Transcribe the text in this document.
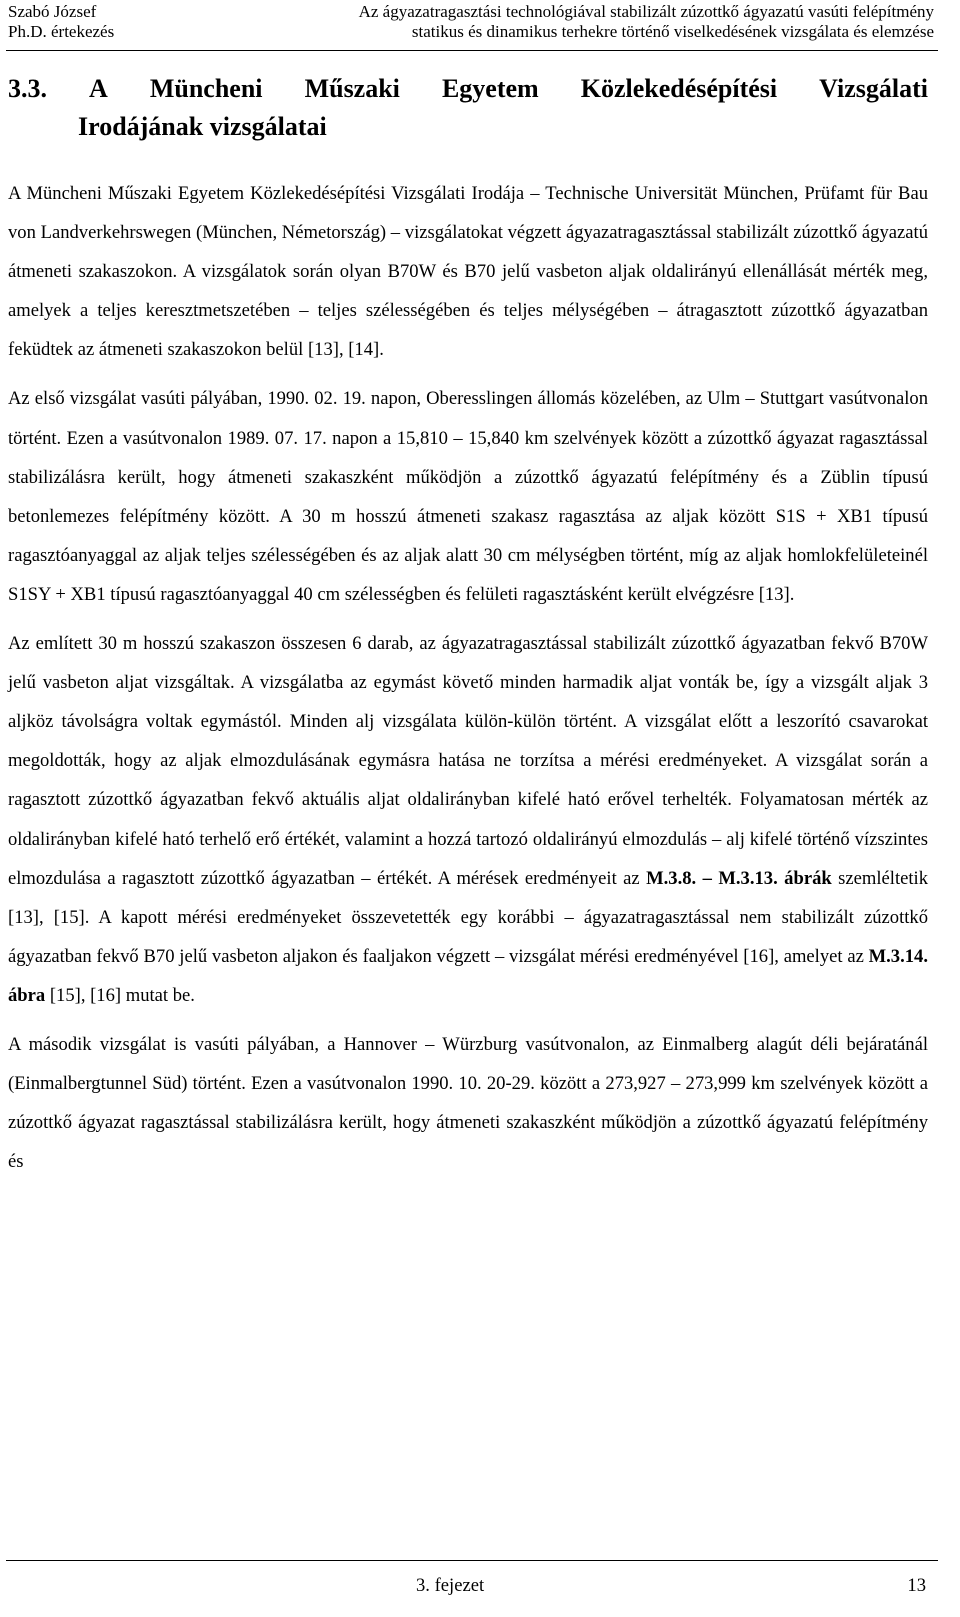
Szabó József
Ph.D. értekezés
Az ágyazatragasztási technológiával stabilizált zúzottkő ágyazatú vasúti felépítmény
statikus és dinamikus terhekre történő viselkedésének vizsgálata és elemzése
3.3. A Müncheni Műszaki Egyetem Közlekedésépítési Vizsgálati
Irodájának vizsgálatai

A Müncheni Műszaki Egyetem Közlekedésépítési Vizsgálati Irodája – Technische Universität München, Prüfamt für Bau von Landverkehrswegen (München, Németország) – vizsgálatokat végzett ágyazatragasztással stabilizált zúzottkő ágyazatú átmeneti szakaszokon. A vizsgálatok során olyan B70W és B70 jelű vasbeton aljak oldalirányú ellenállását mérték meg, amelyek a teljes keresztmetszetében – teljes szélességében és teljes mélységében – átragasztott zúzottkő ágyazatban feküdtek az átmeneti szakaszokon belül [13], [14].

Az első vizsgálat vasúti pályában, 1990. 02. 19. napon, Oberesslingen állomás közelében, az Ulm – Stuttgart vasútvonalon történt. Ezen a vasútvonalon 1989. 07. 17. napon a 15,810 – 15,840 km szelvények között a zúzottkő ágyazat ragasztással stabilizálásra került, hogy átmeneti szakaszként működjön a zúzottkő ágyazatú felépítmény és a Züblin típusú betonlemezes felépítmény között. A 30 m hosszú átmeneti szakasz ragasztása az aljak között S1S + XB1 típusú ragasztóanyaggal az aljak teljes szélességében és az aljak alatt 30 cm mélységben történt, míg az aljak homlokfelületeinél S1SY + XB1 típusú ragasztóanyaggal 40 cm szélességben és felületi ragasztásként került elvégzésre [13].

Az említett 30 m hosszú szakaszon összesen 6 darab, az ágyazatragasztással stabilizált zúzottkő ágyazatban fekvő B70W jelű vasbeton aljat vizsgáltak. A vizsgálatba az egymást követő minden harmadik aljat vonták be, így a vizsgált aljak 3 aljköz távolságra voltak egymástól. Minden alj vizsgálata külön-külön történt. A vizsgálat előtt a leszorító csavarokat megoldották, hogy az aljak elmozdulásának egymásra hatása ne torzítsa a mérési eredményeket. A vizsgálat során a ragasztott zúzottkő ágyazatban fekvő aktuális aljat oldalirányban kifelé ható erővel terhelték. Folyamatosan mérték az oldalirányban kifelé ható terhelő erő értékét, valamint a hozzá tartozó oldalirányú elmozdulás – alj kifelé történő vízszintes elmozdulása a ragasztott zúzottkő ágyazatban – értékét. A mérések eredményeit az M.3.8. – M.3.13. ábrák szemléltetik [13], [15]. A kapott mérési eredményeket összevetették egy korábbi – ágyazatragasztással nem stabilizált zúzottkő ágyazatban fekvő B70 jelű vasbeton aljakon és faaljakon végzett – vizsgálat mérési eredményével [16], amelyet az M.3.14. ábra [15], [16] mutat be.

A második vizsgálat is vasúti pályában, a Hannover – Würzburg vasútvonalon, az Einmalberg alagút déli bejáratánál (Einmalbergtunnel Süd) történt. Ezen a vasútvonalon 1990. 10. 20-29. között a 273,927 – 273,999 km szelvények között a zúzottkő ágyazat ragasztással stabilizálásra került, hogy átmeneti szakaszként működjön a zúzottkő ágyazatú felépítmény és

3. fejezet	13
